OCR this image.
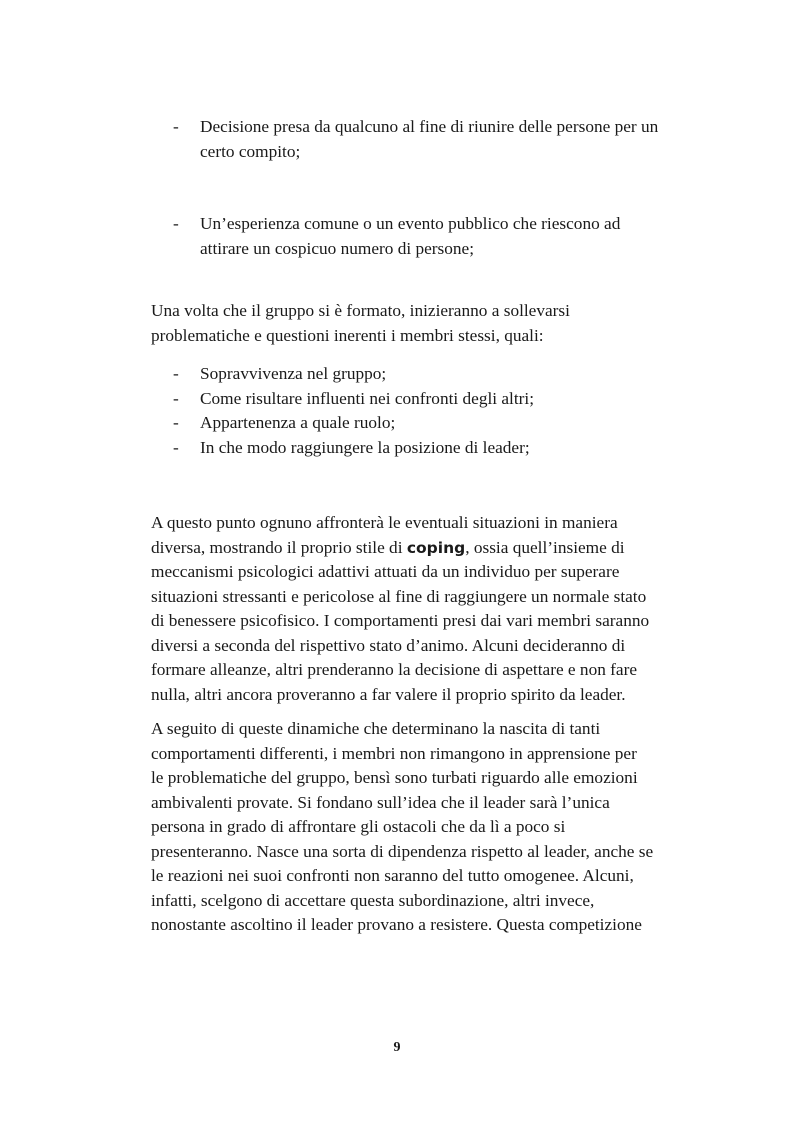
- Decisione presa da qualcuno al fine di riunire delle persone per un
certo compito;
- Un’esperienza comune o un evento pubblico che riescono ad
attirare un cospicuo numero di persone;
Una volta che il gruppo si è formato, inizieranno a sollevarsi
problematiche e questioni inerenti i membri stessi, quali:
- Sopravvivenza nel gruppo;
- Come risultare influenti nei confronti degli altri;
- Appartenenza a quale ruolo;
- In che modo raggiungere la posizione di leader;
A questo punto ognuno affronterà le eventuali situazioni in maniera
diversa, mostrando il proprio stile di coping, ossia quell’insieme di
meccanismi psicologici adattivi attuati da un individuo per superare
situazioni stressanti e pericolose al fine di raggiungere un normale stato
di benessere psicofisico. I comportamenti presi dai vari membri saranno
diversi a seconda del rispettivo stato d’animo. Alcuni decideranno di
formare alleanze, altri prenderanno la decisione di aspettare e non fare
nulla, altri ancora proveranno a far valere il proprio spirito da leader.
A seguito di queste dinamiche che determinano la nascita di tanti
comportamenti differenti, i membri non rimangono in apprensione per
le problematiche del gruppo, bensì sono turbati riguardo alle emozioni
ambivalenti provate. Si fondano sull’idea che il leader sarà l’unica
persona in grado di affrontare gli ostacoli che da lì a poco si
presenteranno. Nasce una sorta di dipendenza rispetto al leader, anche se
le reazioni nei suoi confronti non saranno del tutto omogenee. Alcuni,
infatti, scelgono di accettare questa subordinazione, altri invece,
nonostante ascoltino il leader provano a resistere. Questa competizione
9
